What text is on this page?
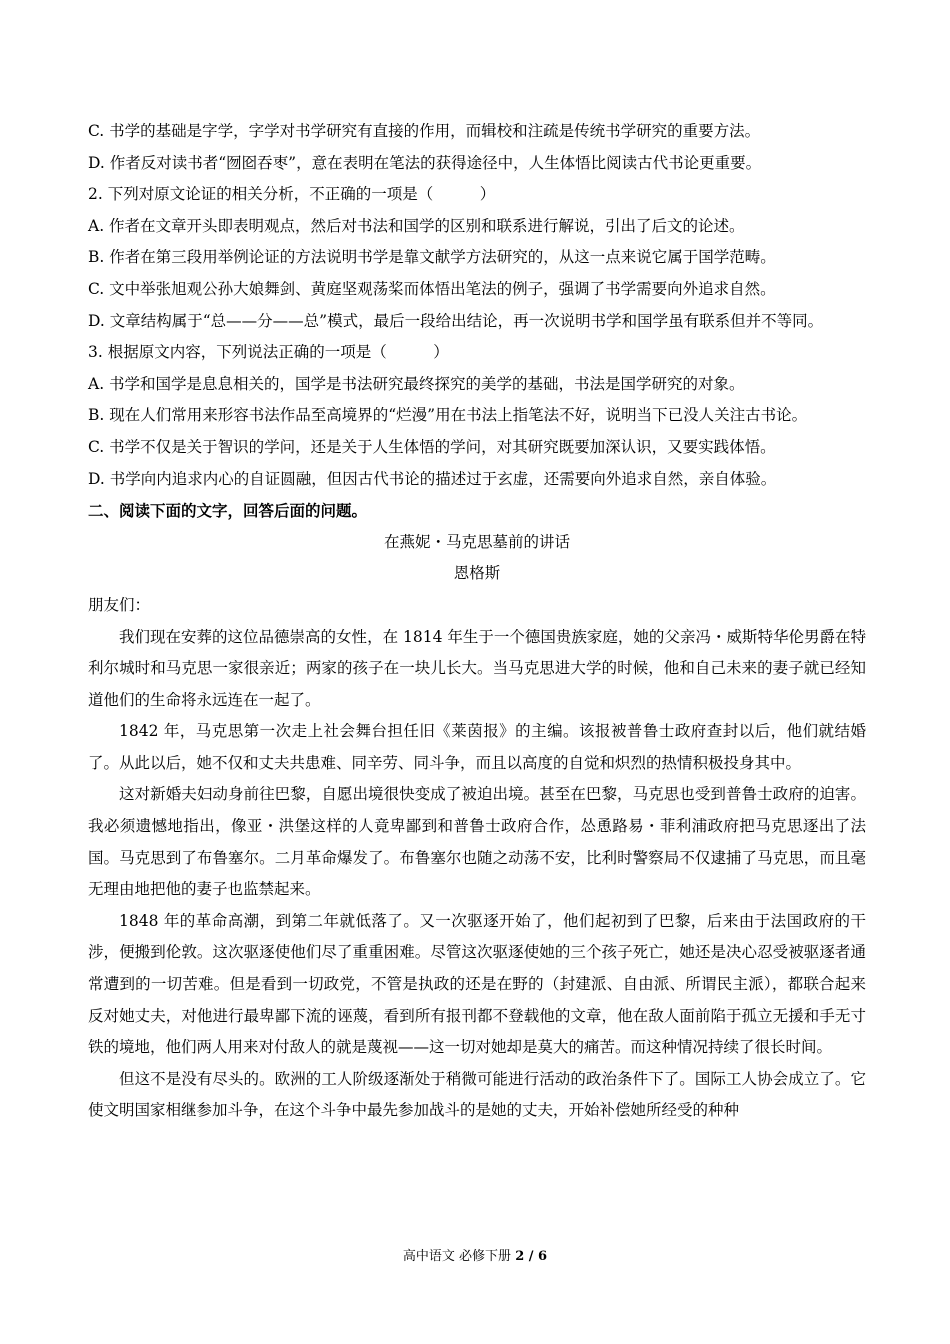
C. 书学的基础是字学，字学对书学研究有直接的作用，而辑校和注疏是传统书学研究的重要方法。

D. 作者反对读书者“囫囵吞枣”，意在表明在笔法的获得途径中，人生体悟比阅读古代书论更重要。

2. 下列对原文论证的相关分析，不正确的一项是（　　　）

A. 作者在文章开头即表明观点，然后对书法和国学的区别和联系进行解说，引出了后文的论述。

B. 作者在第三段用举例论证的方法说明书学是靠文献学方法研究的，从这一点来说它属于国学范畴。

C. 文中举张旭观公孙大娘舞剑、黄庭坚观荡桨而体悟出笔法的例子，强调了书学需要向外追求自然。

D. 文章结构属于“总——分——总”模式，最后一段给出结论，再一次说明书学和国学虽有联系但并不等同。

3. 根据原文内容，下列说法正确的一项是（　　　）

A. 书学和国学是息息相关的，国学是书法研究最终探究的美学的基础，书法是国学研究的对象。

B. 现在人们常用来形容书法作品至高境界的“烂漫”用在书法上指笔法不好，说明当下已没人关注古书论。

C. 书学不仅是关于智识的学问，还是关于人生体悟的学问，对其研究既要加深认识，又要实践体悟。

D. 书学向内追求内心的自证圆融，但因古代书论的描述过于玄虚，还需要向外追求自然，亲自体验。

二、阅读下面的文字，回答后面的问题。

在燕妮・马克思墓前的讲话

恩格斯

朋友们：

我们现在安葬的这位品德崇高的女性，在 1814 年生于一个德国贵族家庭，她的父亲冯・威斯特华伦男爵在特利尔城时和马克思一家很亲近；两家的孩子在一块儿长大。当马克思进大学的时候，他和自己未来的妻子就已经知道他们的生命将永远连在一起了。

1842 年，马克思第一次走上社会舞台担任旧《莱茵报》的主编。该报被普鲁士政府查封以后，他们就结婚了。从此以后，她不仅和丈夫共患难、同辛劳、同斗争，而且以高度的自觉和炽烈的热情积极投身其中。

这对新婚夫妇动身前往巴黎，自愿出境很快变成了被迫出境。甚至在巴黎，马克思也受到普鲁士政府的迫害。我必须遗憾地指出，像亚・洪堡这样的人竟卑鄙到和普鲁士政府合作，怂恿路易・菲利浦政府把马克思逐出了法国。马克思到了布鲁塞尔。二月革命爆发了。布鲁塞尔也随之动荡不安，比利时警察局不仅逮捕了马克思，而且毫无理由地把他的妻子也监禁起来。

1848 年的革命高潮，到第二年就低落了。又一次驱逐开始了，他们起初到了巴黎，后来由于法国政府的干涉，便搬到伦敦。这次驱逐使他们尽了重重困难。尽管这次驱逐使她的三个孩子死亡，她还是决心忍受被驱逐者通常遭到的一切苦难。但是看到一切政党，不管是执政的还是在野的（封建派、自由派、所谓民主派），都联合起来反对她丈夫，对他进行最卑鄙下流的诬蔑，看到所有报刊都不登载他的文章，他在敌人面前陷于孤立无援和手无寸铁的境地，他们两人用来对付敌人的就是蔑视——这一切对她却是莫大的痛苦。而这种情况持续了很长时间。

但这不是没有尽头的。欧洲的工人阶级逐渐处于稍微可能进行活动的政治条件下了。国际工人协会成立了。它使文明国家相继参加斗争，在这个斗争中最先参加战斗的是她的丈夫，开始补偿她所经受的种种

高中语文 必修下册 2 / 6
